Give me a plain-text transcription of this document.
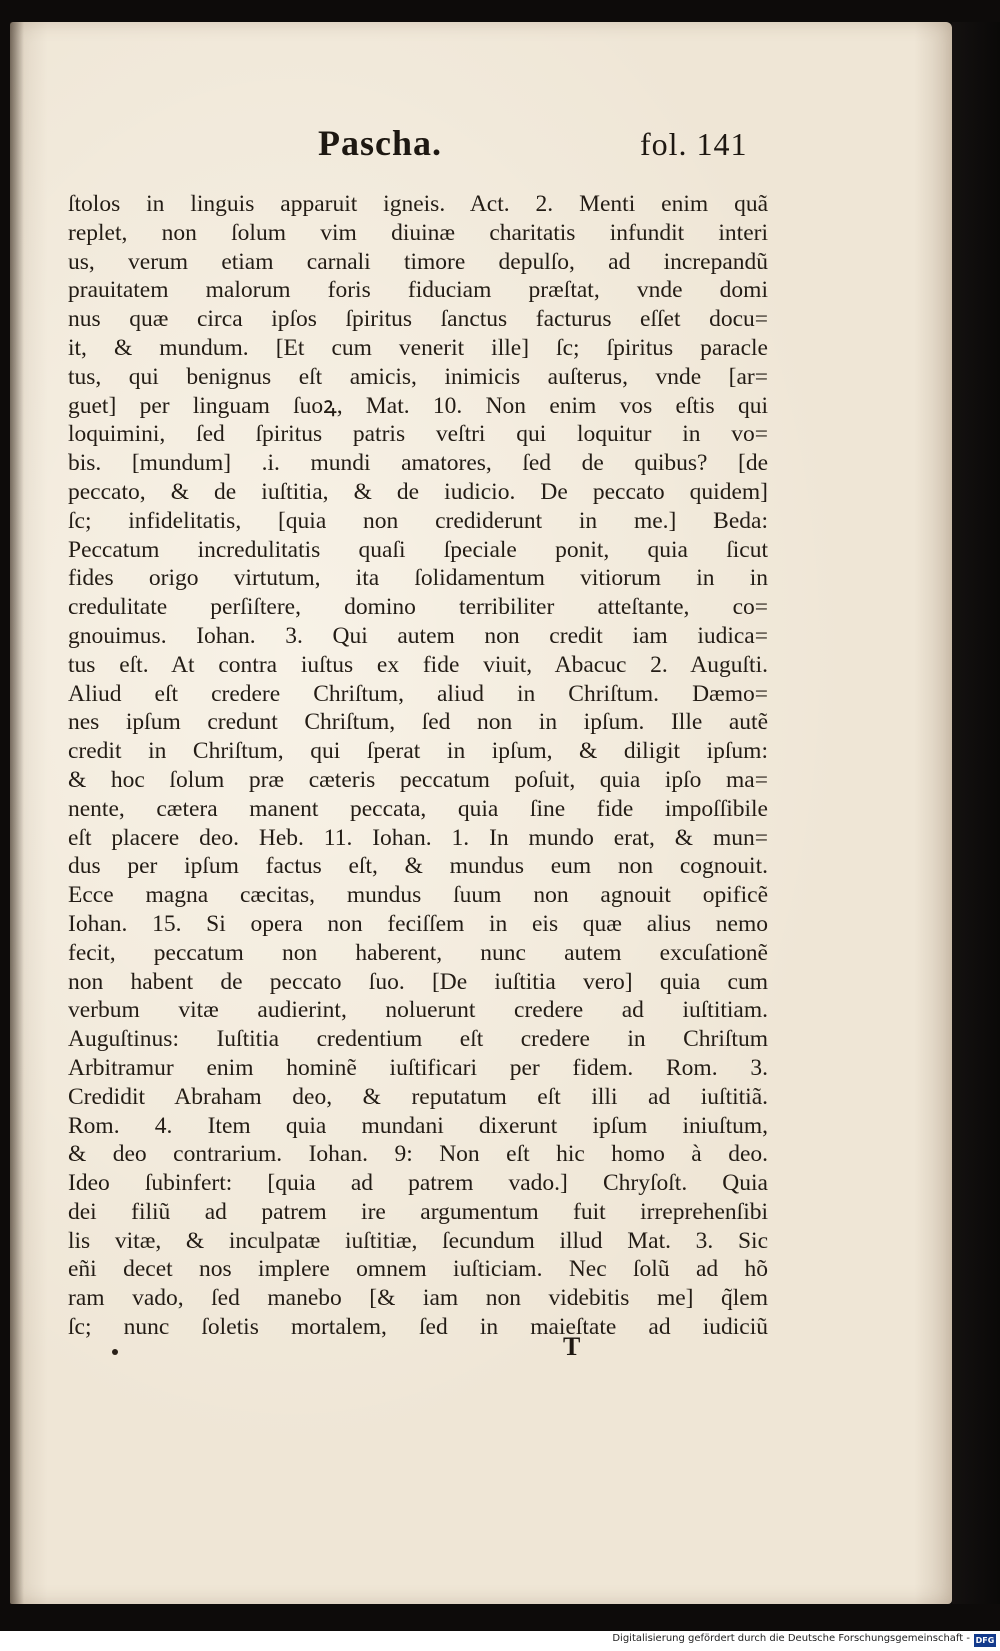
Pascha.	fol. 141
ſtolos in linguis apparuit igneis. Act. 2. Menti enim quã
replet, non ſolum vim diuinæ charitatis infundit interi
us, verum etiam carnali timore depulſo, ad increpandũ
prauitatem malorum foris fiduciam præſtat, vnde domi
nus quæ circa ipſos ſpiritus ſanctus facturus eſſet docu=
it, & mundum. [Et cum venerit ille] ſc; ſpiritus paracle
tus, qui benignus eſt amicis, inimicis auſterus, vnde [ar=
guet] per linguam ſuoꝝ, Mat. 10. Non enim vos eſtis qui
loquimini, ſed ſpiritus patris veſtri qui loquitur in vo=
bis. [mundum] .i. mundi amatores, ſed de quibus? [de
peccato, & de iuſtitia, & de iudicio. De peccato quidem]
ſc; infidelitatis, [quia non crediderunt in me.] Beda:
Peccatum incredulitatis quaſi ſpeciale ponit, quia ſicut
fides origo virtutum, ita ſolidamentum vitiorum in in
credulitate perſiſtere, domino terribiliter atteſtante, co=
gnouimus. Iohan. 3. Qui autem non credit iam iudica=
tus eſt. At contra iuſtus ex fide viuit, Abacuc 2. Auguſti.
Aliud eſt credere Chriſtum, aliud in Chriſtum. Dæmo=
nes ipſum credunt Chriſtum, ſed non in ipſum. Ille autẽ
credit in Chriſtum, qui ſperat in ipſum, & diligit ipſum:
& hoc ſolum præ cæteris peccatum poſuit, quia ipſo ma=
nente, cætera manent peccata, quia ſine fide impoſſibile
eſt placere deo. Heb. 11. Iohan. 1. In mundo erat, & mun=
dus per ipſum factus eſt, & mundus eum non cognouit.
Ecce magna cæcitas, mundus ſuum non agnouit opificẽ
Iohan. 15. Si opera non feciſſem in eis quæ alius nemo
fecit, peccatum non haberent, nunc autem excuſationẽ
non habent de peccato ſuo. [De iuſtitia vero] quia cum
verbum vitæ audierint, noluerunt credere ad iuſtitiam.
Auguſtinus: Iuſtitia credentium eſt credere in Chriſtum
Arbitramur enim hominẽ iuſtificari per fidem. Rom. 3.
Credidit Abraham deo, & reputatum eſt illi ad iuſtitiã.
Rom. 4. Item quia mundani dixerunt ipſum iniuſtum,
& deo contrarium. Iohan. 9: Non eſt hic homo à deo.
Ideo ſubinfert: [quia ad patrem vado.] Chryſoſt. Quia
dei filiũ ad patrem ire argumentum fuit irreprehenſibi
lis vitæ, & inculpatæ iuſtitiæ, ſecundum illud Mat. 3. Sic
eñi decet nos implere omnem iuſticiam. Nec ſolũ ad hõ
ram vado, ſed manebo [& iam non videbitis me] q̃lem
ſc; nunc ſoletis mortalem, ſed in maieſtate ad iudiciũ
T
Digitalisierung gefördert durch die Deutsche Forschungsgemeinschaft - DFG
